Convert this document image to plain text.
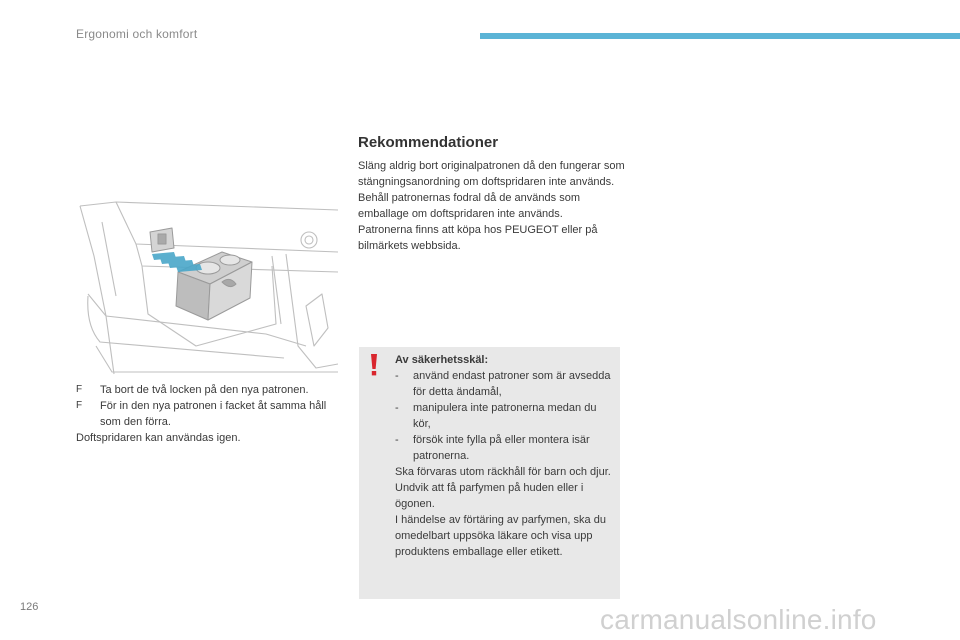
Ergonomi och komfort
F	Ta bort de två locken på den nya patronen.
F	För in den nya patronen i facket åt samma håll som den förra.
Doftspridaren kan användas igen.
Rekommendationer

Släng aldrig bort originalpatronen då den fungerar som stängningsanordning om doftspridaren inte används.

Behåll patronernas fodral då de används som emballage om doftspridaren inte används.

Patronerna finns att köpa hos PEUGEOT eller på bilmärkets webbsida.

Av säkerhetsskäl:
- använd endast patroner som är avsedda för detta ändamål,
- manipulera inte patronerna medan du kör,
- försök inte fylla på eller montera isär patronerna.

Ska förvaras utom räckhåll för barn och djur.

Undvik att få parfymen på huden eller i ögonen.

I händelse av förtäring av parfymen, ska du omedelbart uppsöka läkare och visa upp produktens emballage eller etikett.

126	carmanualsonline.info
